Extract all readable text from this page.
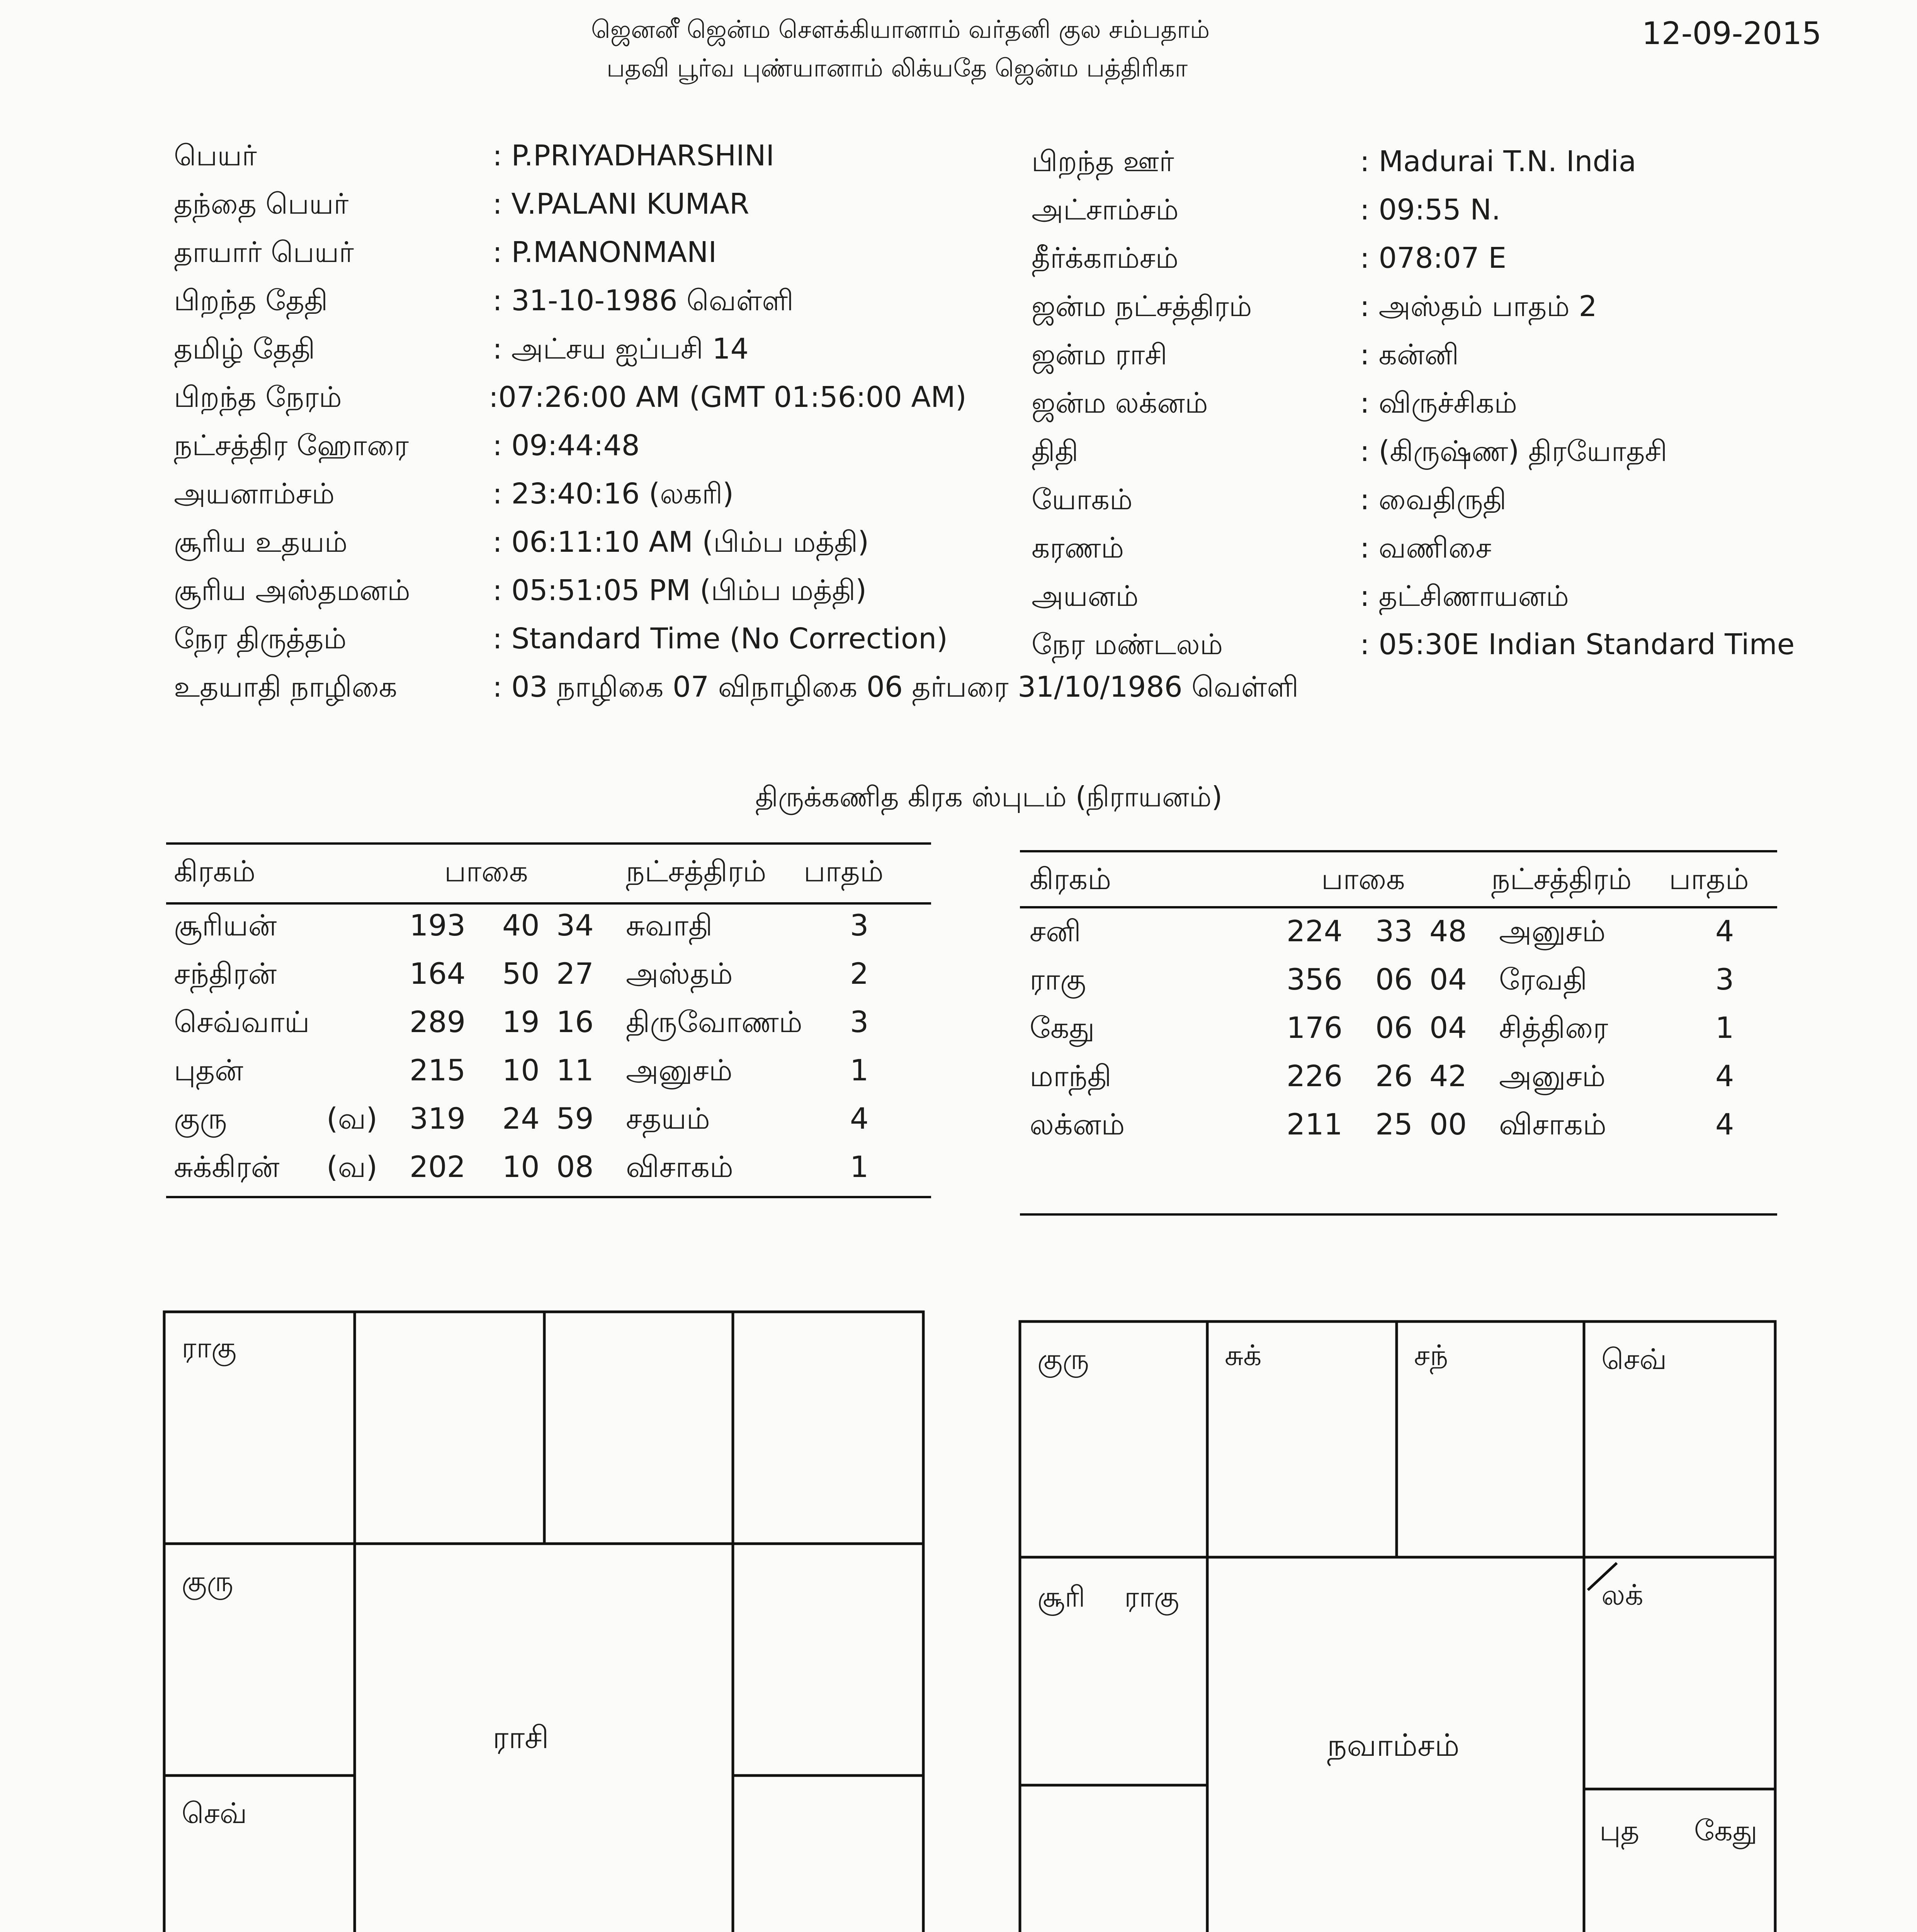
ஜெனனீ ஜென்ம சௌக்கியானாம் வர்தனி குல சம்பதாம்
பதவி பூர்வ புண்யானாம் லிக்யதே ஜென்ம பத்திரிகா
12-09-2015
பெயர்	: P.PRIYADHARSHINI
தந்தை பெயர்	: V.PALANI KUMAR
தாயார் பெயர்	: P.MANONMANI
பிறந்த தேதி	: 31-10-1986 வெள்ளி
தமிழ் தேதி	: அட்சய ஐப்பசி 14
பிறந்த நேரம்	:07:26:00 AM (GMT 01:56:00 AM)
நட்சத்திர ஹோரை	: 09:44:48
அயனாம்சம்	: 23:40:16 (லகரி)
சூரிய உதயம்	: 06:11:10 AM (பிம்ப மத்தி)
சூரிய அஸ்தமனம்	: 05:51:05 PM (பிம்ப மத்தி)
நேர திருத்தம்	: Standard Time (No Correction)
உதயாதி நாழிகை	: 03 நாழிகை 07 விநாழிகை 06 தர்பரை 31/10/1986 வெள்ளி
பிறந்த ஊர்	: Madurai T.N. India
அட்சாம்சம்	: 09:55 N.
தீர்க்காம்சம்	: 078:07 E
ஜன்ம நட்சத்திரம்	: அஸ்தம் பாதம் 2
ஜன்ம ராசி	: கன்னி
ஜன்ம லக்னம்	: விருச்சிகம்
திதி	: (கிருஷ்ண) திரயோதசி
யோகம்	: வைதிருதி
கரணம்	: வணிசை
அயனம்	: தட்சிணாயனம்
நேர மண்டலம்	: 05:30E Indian Standard Time
திருக்கணித கிரக ஸ்புடம் (நிராயனம்)
கிரகம்	பாகை	நட்சத்திரம் பாதம்
சூரியன்	193 40 34 சுவாதி	3
சந்திரன்	164 50 27 அஸ்தம்	2
செவ்வாய்	289 19 16 திருவோணம் 3
புதன்	215 10 11 அனுசம்	1
குரு	(வ) 319 24 59 சதயம்	4
சுக்கிரன் (வ) 202 10 08 விசாகம்	1
கிரகம்	பாகை	நட்சத்திரம் பாதம்
சனி	224 33 48 அனுசம்	4
ராகு	356 06 04 ரேவதி	3
கேது	176 06 04 சித்திரை	1
மாந்தி	226 26 42 அனுசம்	4
லக்னம்	211 25 00 விசாகம்	4
ராகு
குரு
செவ்
ராசி
குரு	சுக்	சந்	செவ்
சூரி ராகு	லக்
நவாம்சம்
புத கேது
